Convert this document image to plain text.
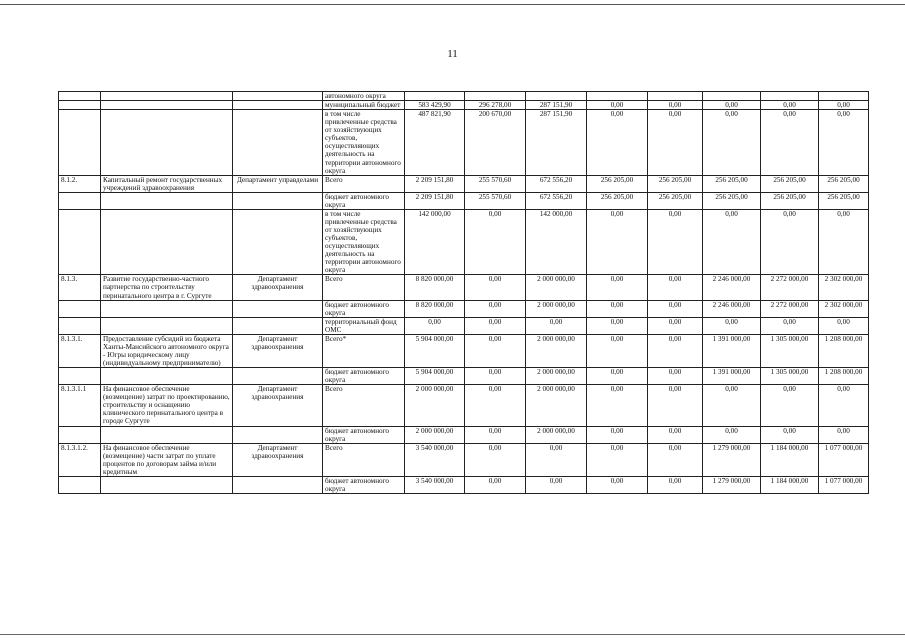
11
			автономного округа								
			муниципальный бюджет	583 429,90	296 278,00	287 151,90	0,00	0,00	0,00	0,00	0,00
			в том числе привлеченные средства от хозяйствующих субъектов, осуществляющих деятельность на территории автономного округа	487 821,90	200 670,00	287 151,90	0,00	0,00	0,00	0,00	0,00
8.1.2.	Капитальный ремонт государственных учреждений здравоохранения	Департамент управделами	Всего	2 209 151,80	255 570,60	672 556,20	256 205,00	256 205,00	256 205,00	256 205,00	256 205,00
			бюджет автономного округа	2 209 151,80	255 570,60	672 556,20	256 205,00	256 205,00	256 205,00	256 205,00	256 205,00
			в том числе привлеченные средства от хозяйствующих субъектов, осуществляющих деятельность на территории автономного округа	142 000,00	0,00	142 000,00	0,00	0,00	0,00	0,00	0,00
8.1.3.	Развитие государственно-частного партнерства по строительству перинатального центра в г. Сургуте	Департамент здравоохранения	Всего	8 820 000,00	0,00	2 000 000,00	0,00	0,00	2 246 000,00	2 272 000,00	2 302 000,00
			бюджет автономного округа	8 820 000,00	0,00	2 000 000,00	0,00	0,00	2 246 000,00	2 272 000,00	2 302 000,00
			территориальный фонд ОМС	0,00	0,00	0,00	0,00	0,00	0,00	0,00	0,00
8.1.3.1.	Предоставление субсидий из бюджета Ханты-Мансийского автономного округа - Югры юридическому лицу (индивидуальному предпринимателю)	Департамент здравоохранения	Всего*	5 904 000,00	0,00	2 000 000,00	0,00	0,00	1 391 000,00	1 305 000,00	1 208 000,00
			бюджет автономного округа	5 904 000,00	0,00	2 000 000,00	0,00	0,00	1 391 000,00	1 305 000,00	1 208 000,00
8.1.3.1.1	На финансовое обеспечение (возмещение) затрат по проектированию, строительству и оснащению клинического перинатального центра в городе Сургуте	Департамент здравоохранения	Всего	2 000 000,00	0,00	2 000 000,00	0,00	0,00	0,00	0,00	0,00
			бюджет автономного округа	2 000 000,00	0,00	2 000 000,00	0,00	0,00	0,00	0,00	0,00
8.1.3.1.2.	На финансовое обеспечение (возмещение) части затрат по уплате процентов по договорам займа и/или кредитным	Департамент здравоохранения	Всего	3 540 000,00	0,00	0,00	0,00	0,00	1 279 000,00	1 184 000,00	1 077 000,00
			бюджет автономного округа	3 540 000,00	0,00	0,00	0,00	0,00	1 279 000,00	1 184 000,00	1 077 000,00
